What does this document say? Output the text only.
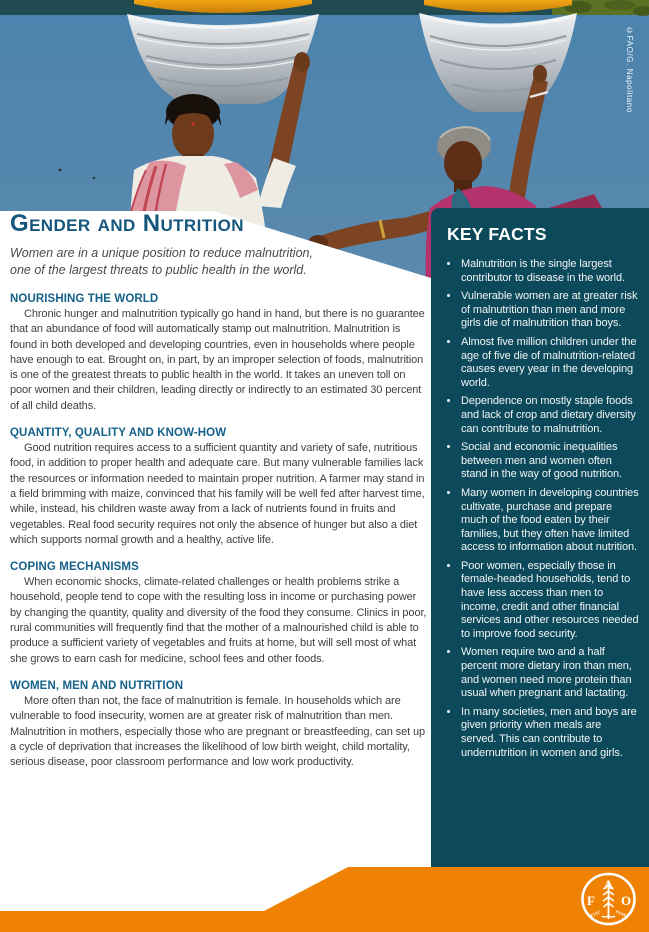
©FAO/G. Napolitano
Gender and Nutrition

Women are in a unique position to reduce malnutrition,

one of the largest threats to public health in the world.

NOURISHING THE WORLD

Chronic hunger and malnutrition typically go hand in hand, but there is no guarantee that an abundance of food will automatically stamp out malnutrition. Malnutrition is found in both developed and developing countries, even in households where people have enough to eat. Brought on, in part, by an improper selection of foods, malnutrition is one of the greatest threats to public health in the world. It takes an uneven toll on poor women and their children, leading directly or indirectly to an estimated 30 percent of all child deaths.

QUANTITY, QUALITY AND KNOW-HOW

Good nutrition requires access to a sufficient quantity and variety of safe, nutritious food, in addition to proper health and adequate care. But many vulnerable families lack the resources or information needed to maintain proper nutrition. A farmer may stand in a field brimming with maize, convinced that his family will be well fed after harvest time, while, instead, his children waste away from a lack of nutrients found in fruits and vegetables. Real food security requires not only the absence of hunger but also a diet which supports normal growth and a healthy, active life.

COPING MECHANISMS

When economic shocks, climate-related challenges or health problems strike a household, people tend to cope with the resulting loss in income or purchasing power by changing the quantity, quality and diversity of the food they consume. Clinics in poor, rural communities will frequently find that the mother of a malnourished child is able to produce a sufficient variety of vegetables and fruits at home, but will sell most of what she grows to earn cash for medicine, school fees and other foods.

WOMEN, MEN AND NUTRITION

More often than not, the face of malnutrition is female. In households which are vulnerable to food insecurity, women are at greater risk of malnutrition than men. Malnutrition in mothers, especially those who are pregnant or breastfeeding, can set up a cycle of deprivation that increases the likelihood of low birth weight, child mortality, serious disease, poor classroom performance and low work productivity.

KEY FACTS
• Malnutrition is the single largest contributor to disease in the world.
• Vulnerable women are at greater risk of malnutrition than men and more girls die of malnutrition than boys.
• Almost five million children under the age of five die of malnutrition-related causes every year in the developing world.
• Dependence on mostly staple foods and lack of crop and dietary diversity can contribute to malnutrition.
• Social and economic inequalities between men and women often stand in the way of good nutrition.
• Many women in developing countries cultivate, purchase and prepare much of the food eaten by their families, but they often have limited access to information about nutrition.
• Poor women, especially those in female-headed households, tend to have less access than men to income, credit and other financial services and other resources needed to improve food security.
• Women require two and a half percent more dietary iron than men, and women need more protein than usual when pregnant and lactating.
• In many societies, men and boys are given priority when meals are served. This can contribute to undernutrition in women and girls.
F
A
O
FIAT	PANIS
